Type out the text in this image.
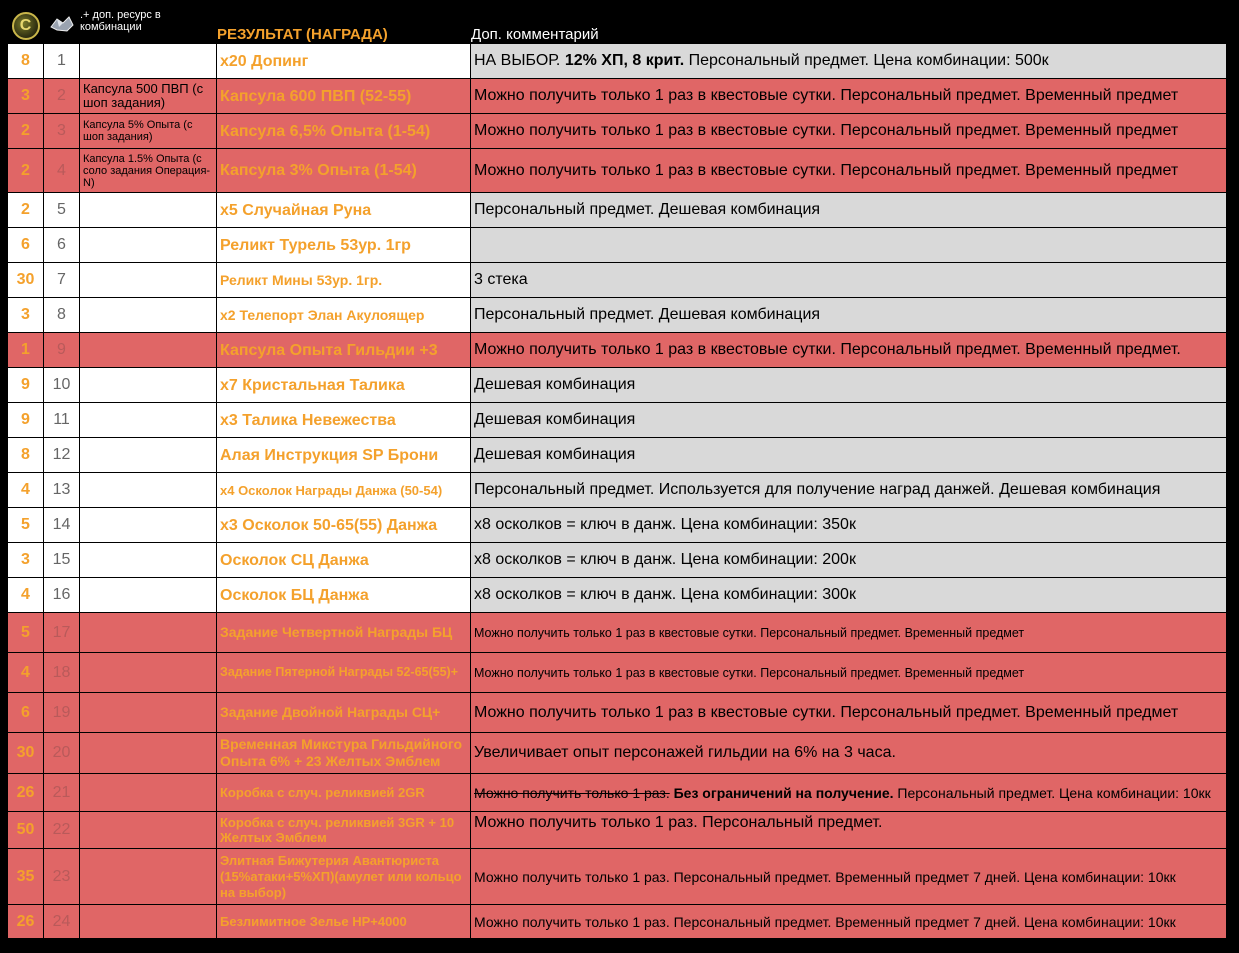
С		.+ доп. ресурс в комбинации	РЕЗУЛЬТАТ (НАГРАДА)	Доп. комментарий
8	1		x20 Допинг	НА ВЫБОР. 12% ХП, 8 крит. Персональный предмет. Цена комбинации: 500к
3	2	Капсула 500 ПВП (с шоп задания)	Капсула 600 ПВП (52-55)	Можно получить только 1 раз в квестовые сутки. Персональный предмет. Временный предмет
2	3	Капсула 5% Опыта (с шоп задания)	Капсула 6,5% Опыта (1-54)	Можно получить только 1 раз в квестовые сутки. Персональный предмет. Временный предмет
2	4	Капсула 1.5% Опыта (с соло задания Операция-N)	Капсула 3% Опыта (1-54)	Можно получить только 1 раз в квестовые сутки. Персональный предмет. Временный предмет
2	5		x5 Случайная Руна	Персональный предмет. Дешевая комбинация
6	6		Реликт Турель 53ур. 1гр	
30	7		Реликт Мины 53ур. 1гр.	3 стека
3	8		x2 Телепорт Элан Акулоящер	Персональный предмет. Дешевая комбинация
1	9		Капсула Опыта Гильдии +3	Можно получить только 1 раз в квестовые сутки. Персональный предмет. Временный предмет.
9	10		x7 Кристальная Талика	Дешевая комбинация
9	11		x3 Талика Невежества	Дешевая комбинация
8	12		Алая Инструкция SP Брони	Дешевая комбинация
4	13		x4 Осколок Награды Данжа (50-54)	Персональный предмет. Используется для получение наград данжей. Дешевая комбинация
5	14		x3 Осколок 50-65(55) Данжа	x8 осколков = ключ в данж. Цена комбинации: 350к
3	15		Осколок СЦ Данжа	x8 осколков = ключ в данж. Цена комбинации: 200к
4	16		Осколок БЦ Данжа	x8 осколков = ключ в данж. Цена комбинации: 300к
5	17		Задание Четвертной Награды БЦ	Можно получить только 1 раз в квестовые сутки. Персональный предмет. Временный предмет
4	18		Задание Пятерной Награды 52-65(55)+	Можно получить только 1 раз в квестовые сутки. Персональный предмет. Временный предмет
6	19		Задание Двойной Награды СЦ+	Можно получить только 1 раз в квестовые сутки. Персональный предмет. Временный предмет
30	20		Временная Микстура Гильдийного Опыта 6% + 23 Желтых Эмблем	Увеличивает опыт персонажей гильдии на 6% на 3 часа.
26	21		Коробка с случ. реликвией 2GR	Можно получить только 1 раз. Без ограничений на получение. Персональный предмет. Цена комбинации: 10кк
50	22		Коробка с случ. реликвией 3GR + 10 Желтых Эмблем	Можно получить только 1 раз. Персональный предмет.
35	23		Элитная Бижутерия Авантюриста (15%атаки+5%ХП)(амулет или кольцо на выбор)	Можно получить только 1 раз. Персональный предмет. Временный предмет 7 дней. Цена комбинации: 10кк
26	24		Безлимитное Зелье HP+4000	Можно получить только 1 раз. Персональный предмет. Временный предмет 7 дней. Цена комбинации: 10кк
